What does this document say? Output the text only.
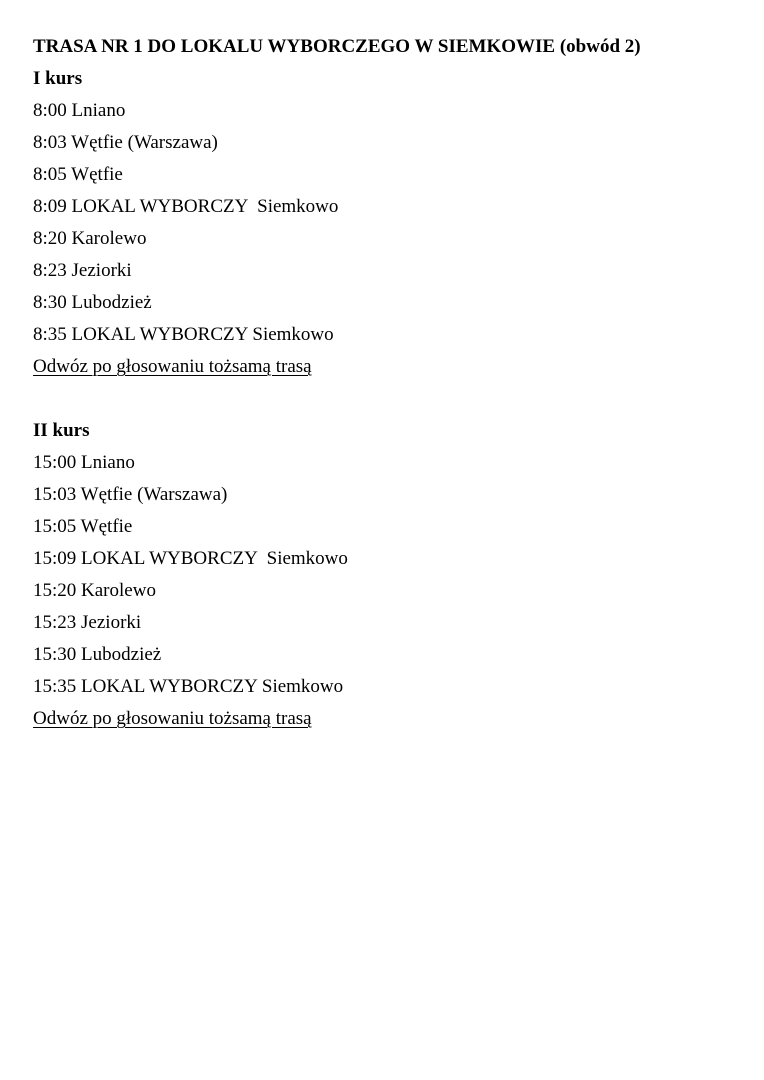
TRASA NR 1 DO LOKALU WYBORCZEGO W SIEMKOWIE (obwód 2)
I kurs
8:00 Lniano
8:03 Wętfie (Warszawa)
8:05 Wętfie
8:09 LOKAL WYBORCZY  Siemkowo
8:20 Karolewo
8:23 Jeziorki
8:30 Lubodzież
8:35 LOKAL WYBORCZY Siemkowo
Odwóz po głosowaniu tożsamą trasą
II kurs
15:00 Lniano
15:03 Wętfie (Warszawa)
15:05 Wętfie
15:09 LOKAL WYBORCZY  Siemkowo
15:20 Karolewo
15:23 Jeziorki
15:30 Lubodzież
15:35 LOKAL WYBORCZY Siemkowo
Odwóz po głosowaniu tożsamą trasą
